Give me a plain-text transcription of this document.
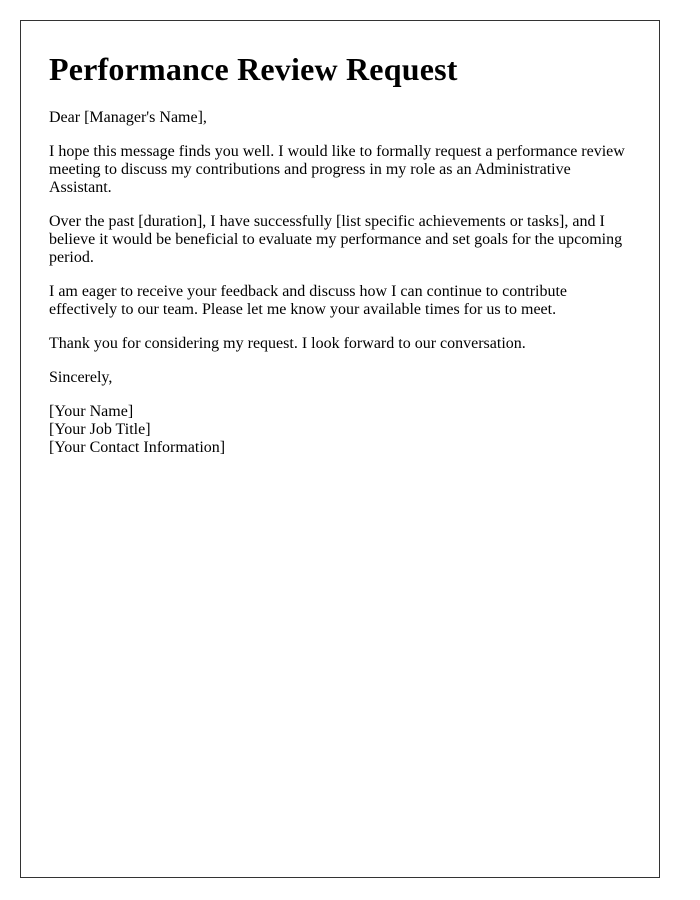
Performance Review Request

Dear [Manager's Name],

I hope this message finds you well. I would like to formally request a performance review meeting to discuss my contributions and progress in my role as an Administrative Assistant.

Over the past [duration], I have successfully [list specific achievements or tasks], and I believe it would be beneficial to evaluate my performance and set goals for the upcoming period.

I am eager to receive your feedback and discuss how I can continue to contribute effectively to our team. Please let me know your available times for us to meet.

Thank you for considering my request. I look forward to our conversation.

Sincerely,

[Your Name]
[Your Job Title]
[Your Contact Information]
